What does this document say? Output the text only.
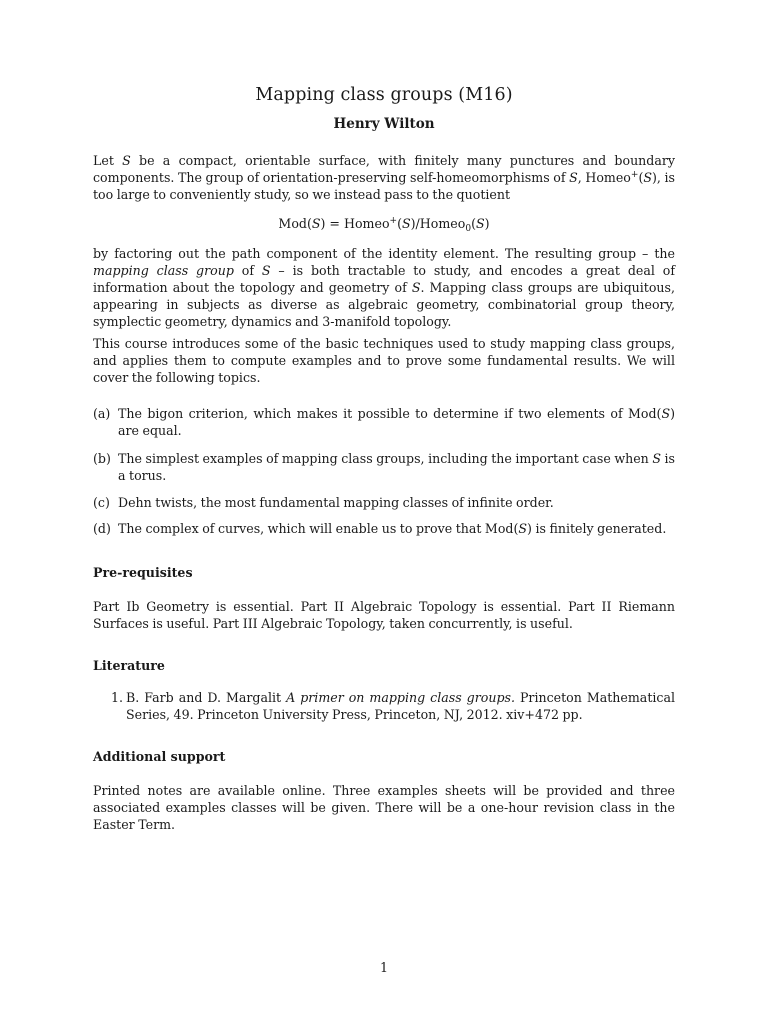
Mapping class groups (M16)
Henry Wilton
Let S be a compact, orientable surface, with finitely many punctures and boundary components. The group of orientation-preserving self-homeomorphisms of S, Homeo+(S), is too large to conveniently study, so we instead pass to the quotient
Mod(S) = Homeo+(S)/Homeo$_0$(S)
by factoring out the path component of the identity element. The resulting group – the mapping class group of S – is both tractable to study, and encodes a great deal of information about the topology and geometry of S. Mapping class groups are ubiquitous, appearing in subjects as diverse as algebraic geometry, combinatorial group theory, symplectic geometry, dynamics and 3-manifold topology.
This course introduces some of the basic techniques used to study mapping class groups, and applies them to compute examples and to prove some fundamental results. We will cover the following topics.
(a) The bigon criterion, which makes it possible to determine if two elements of Mod(S) are equal.
(b) The simplest examples of mapping class groups, including the important case when S is a torus.
(c) Dehn twists, the most fundamental mapping classes of infinite order.
(d) The complex of curves, which will enable us to prove that Mod(S) is finitely generated.
Pre-requisites
Part Ib Geometry is essential. Part II Algebraic Topology is essential. Part II Riemann Surfaces is useful. Part III Algebraic Topology, taken concurrently, is useful.
Literature
1. B. Farb and D. Margalit A primer on mapping class groups. Princeton Mathematical Series, 49. Princeton University Press, Princeton, NJ, 2012. xiv+472 pp.
Additional support
Printed notes are available online. Three examples sheets will be provided and three associated examples classes will be given. There will be a one-hour revision class in the Easter Term.
1
